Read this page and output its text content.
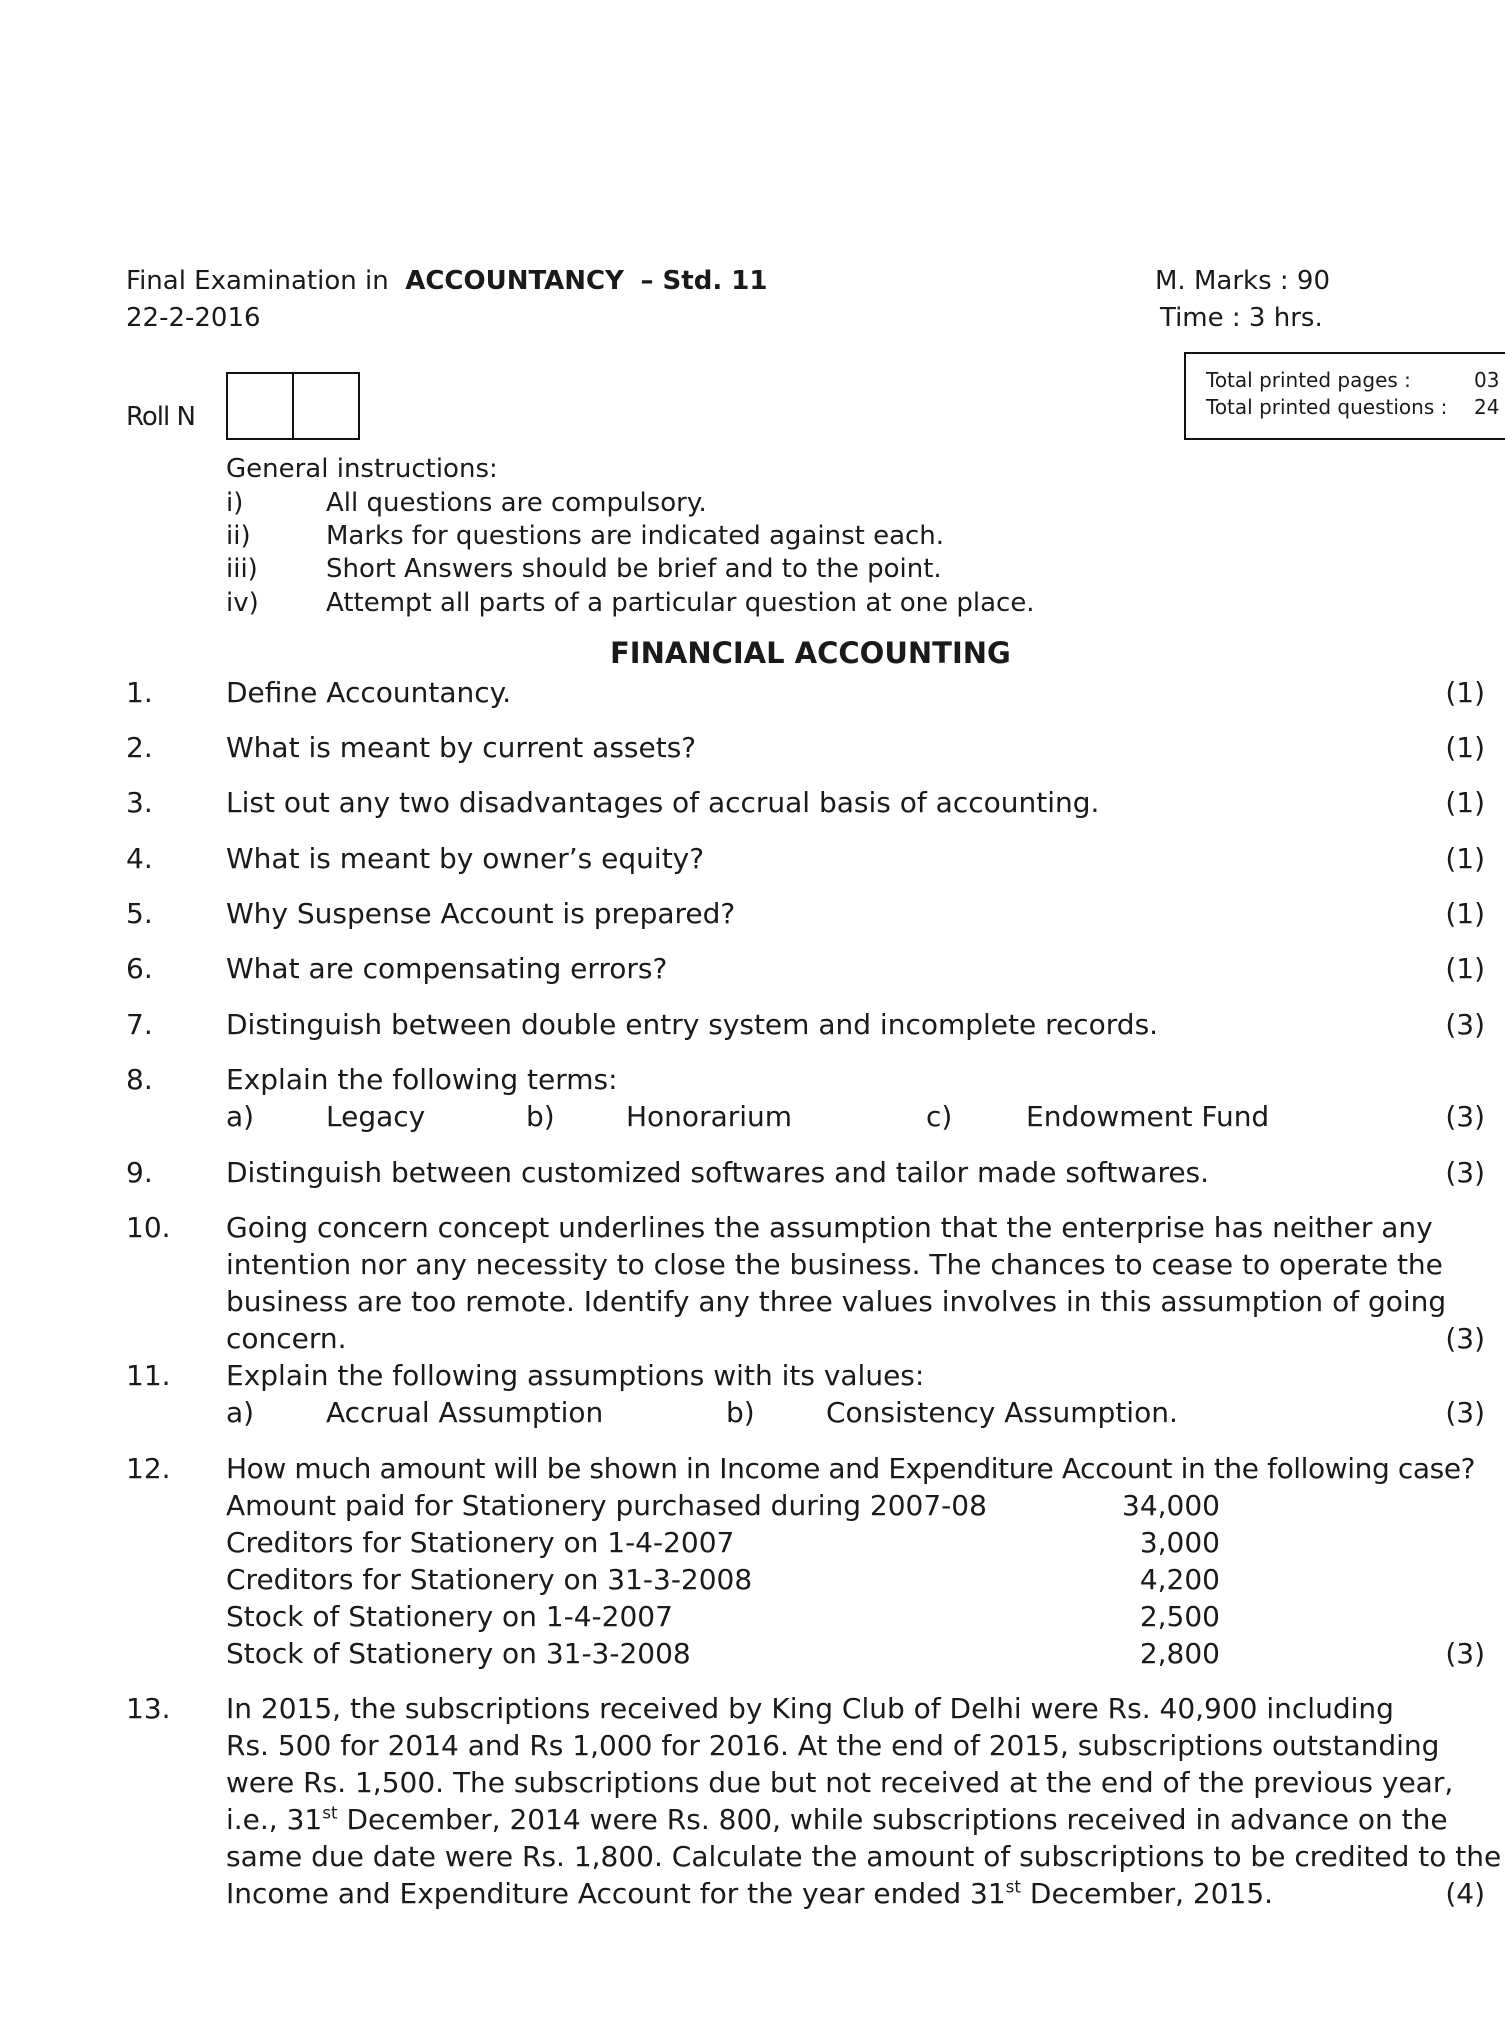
Final Examination in ACCOUNTANCY – Std. 11
22-2-2016
M. Marks : 90
Time : 3 hrs.
Total printed pages :	03
Total printed questions : 24
Roll N
General instructions:
i)	All questions are compulsory.
ii)	Marks for questions are indicated against each.
iii)	Short Answers should be brief and to the point.
iv)	Attempt all parts of a particular question at one place.
FINANCIAL ACCOUNTING
1.	Define Accountancy.	(1)
2.	What is meant by current assets?	(1)
3.	List out any two disadvantages of accrual basis of accounting.	(1)
4.	What is meant by owner’s equity?	(1)
5.	Why Suspense Account is prepared?	(1)
6.	What are compensating errors?	(1)
7.	Distinguish between double entry system and incomplete records.	(3)
8.	Explain the following terms:
a)	Legacy	b)	Honorarium	c)	Endowment Fund	(3)
9.	Distinguish between customized softwares and tailor made softwares.	(3)
10. Going concern concept underlines the assumption that the enterprise has neither any
intention nor any necessity to close the business. The chances to cease to operate the
business are too remote. Identify any three values involves in this assumption of going
concern.	(3)
11. Explain the following assumptions with its values:
a)	Accrual Assumption	b)	Consistency Assumption.	(3)
12. How much amount will be shown in Income and Expenditure Account in the following case?
Amount paid for Stationery purchased during 2007-08	34,000
Creditors for Stationery on 1-4-2007	3,000
Creditors for Stationery on 31-3-2008	4,200
Stock of Stationery on 1-4-2007	2,500
Stock of Stationery on 31-3-2008	2,800	(3)
13. In 2015, the subscriptions received by King Club of Delhi were Rs. 40,900 including
Rs. 500 for 2014 and Rs 1,000 for 2016. At the end of 2015, subscriptions outstanding
were Rs. 1,500. The subscriptions due but not received at the end of the previous year,
i.e., 31st December, 2014 were Rs. 800, while subscriptions received in advance on the
same due date were Rs. 1,800. Calculate the amount of subscriptions to be credited to the
Income and Expenditure Account for the year ended 31st December, 2015.	(4)
